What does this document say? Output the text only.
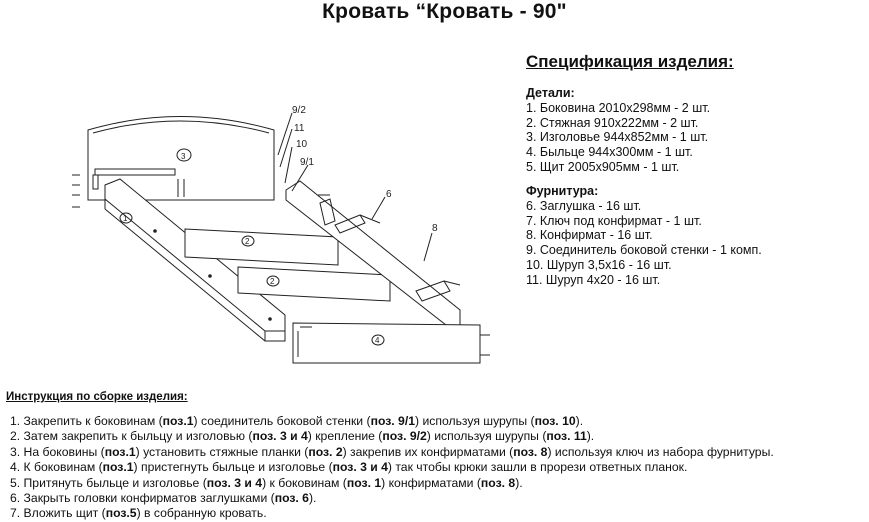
Кровать “Кровать - 90"
Спецификация изделия:
Детали:
1. Боковина 2010x298мм - 2 шт.
2. Стяжная 910x222мм - 2 шт.
3. Изголовье 944x852мм - 1 шт.
4. Быльце 944x300мм - 1 шт.
5. Щит 2005x905мм - 1 шт.
Фурнитура:
6. Заглушка - 16 шт.
7. Ключ под конфирмат - 1 шт.
8. Конфирмат - 16 шт.
9. Соединитель боковой стенки - 1 комп.
10. Шуруп 3,5x16 - 16 шт.
11. Шуруп 4x20 - 16 шт.
3
1
2
2
4
9/2
11
10
9/1
6
8
Инструкция по сборке изделия:
1. Закрепить к боковинам (поз.1) соединитель боковой стенки (поз. 9/1) используя шурупы (поз. 10).
2. Затем закрепить к быльцу и изголовью (поз. 3 и 4) крепление (поз. 9/2) используя шурупы (поз. 11).
3. На боковины (поз.1) установить стяжные планки (поз. 2) закрепив их конфирматами (поз. 8) используя ключ из набора фурнитуры.
4. К боковинам (поз.1) пристегнуть быльце и изголовье (поз. 3 и 4) так чтобы крюки зашли в прорези ответных планок.
5. Притянуть быльце и изголовье (поз. 3 и 4) к боковинам (поз. 1) конфирматами (поз. 8).
6. Закрыть головки конфирматов заглушками (поз. 6).
7. Вложить щит (поз.5) в собранную кровать.
